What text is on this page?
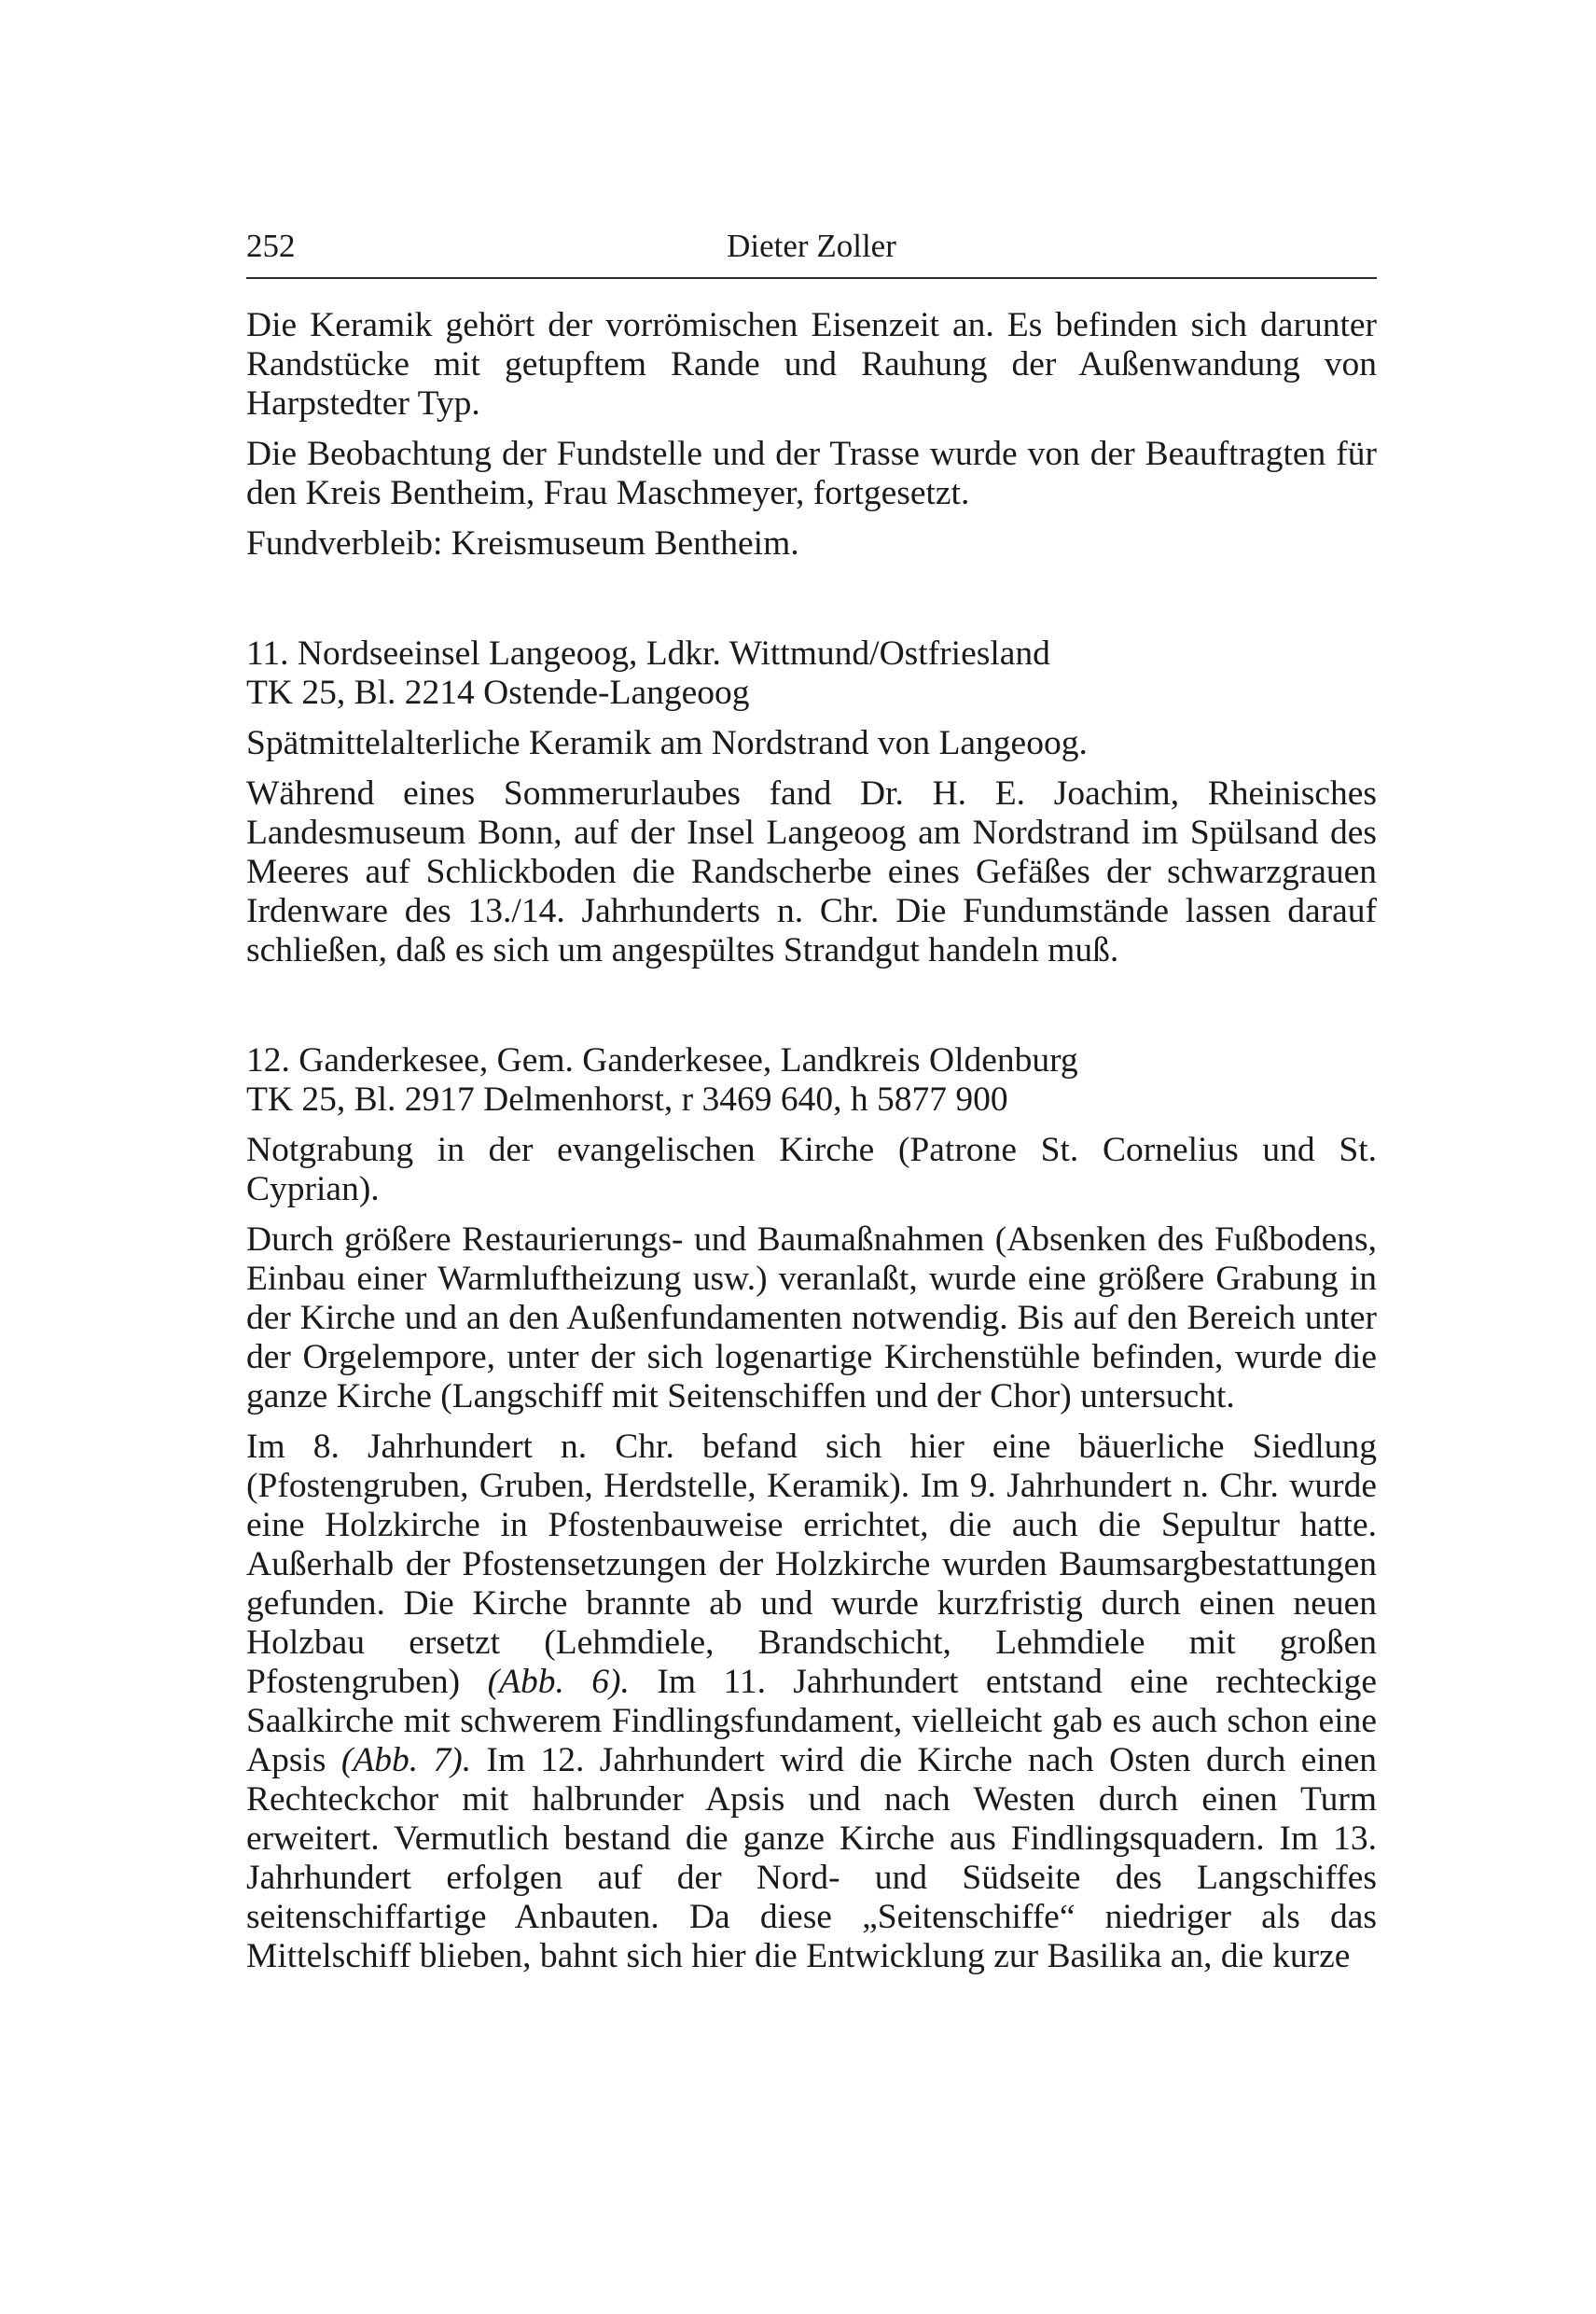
252	Dieter Zoller

Die Keramik gehört der vorrömischen Eisenzeit an. Es befinden sich darunter Randstücke mit getupftem Rande und Rauhung der Außenwandung von Harpstedter Typ.

Die Beobachtung der Fundstelle und der Trasse wurde von der Beauftragten für den Kreis Bentheim, Frau Maschmeyer, fortgesetzt.

Fundverbleib: Kreismuseum Bentheim.

11. Nordseeinsel Langeoog, Ldkr. Wittmund/Ostfriesland
TK 25, Bl. 2214 Ostende-Langeoog

Spätmittelalterliche Keramik am Nordstrand von Langeoog.

Während eines Sommerurlaubes fand Dr. H. E. Joachim, Rheinisches Landesmuseum Bonn, auf der Insel Langeoog am Nordstrand im Spülsand des Meeres auf Schlickboden die Randscherbe eines Gefäßes der schwarzgrauen Irdenware des 13./14. Jahrhunderts n. Chr. Die Fundumstände lassen darauf schließen, daß es sich um angespültes Strandgut handeln muß.

12. Ganderkesee, Gem. Ganderkesee, Landkreis Oldenburg
TK 25, Bl. 2917 Delmenhorst, r 3469 640, h 5877 900

Notgrabung in der evangelischen Kirche (Patrone St. Cornelius und St. Cyprian).

Durch größere Restaurierungs- und Baumaßnahmen (Absenken des Fußbodens, Einbau einer Warmluftheizung usw.) veranlaßt, wurde eine größere Grabung in der Kirche und an den Außenfundamenten notwendig. Bis auf den Bereich unter der Orgelempore, unter der sich logenartige Kirchenstühle befinden, wurde die ganze Kirche (Langschiff mit Seitenschiffen und der Chor) untersucht.

Im 8. Jahrhundert n. Chr. befand sich hier eine bäuerliche Siedlung (Pfostengruben, Gruben, Herdstelle, Keramik). Im 9. Jahrhundert n. Chr. wurde eine Holzkirche in Pfostenbauweise errichtet, die auch die Sepultur hatte. Außerhalb der Pfostensetzungen der Holzkirche wurden Baumsargbestattungen gefunden. Die Kirche brannte ab und wurde kurzfristig durch einen neuen Holzbau ersetzt (Lehmdiele, Brandschicht, Lehmdiele mit großen Pfostengruben) (Abb. 6). Im 11. Jahrhundert entstand eine rechteckige Saalkirche mit schwerem Findlingsfundament, vielleicht gab es auch schon eine Apsis (Abb. 7). Im 12. Jahrhundert wird die Kirche nach Osten durch einen Rechteckchor mit halbrunder Apsis und nach Westen durch einen Turm erweitert. Vermutlich bestand die ganze Kirche aus Findlingsquadern. Im 13. Jahrhundert erfolgen auf der Nord- und Südseite des Langschiffes seitenschiffartige Anbauten. Da diese „Seitenschiffe“ niedriger als das Mittelschiff blieben, bahnt sich hier die Entwicklung zur Basilika an, die kurze
